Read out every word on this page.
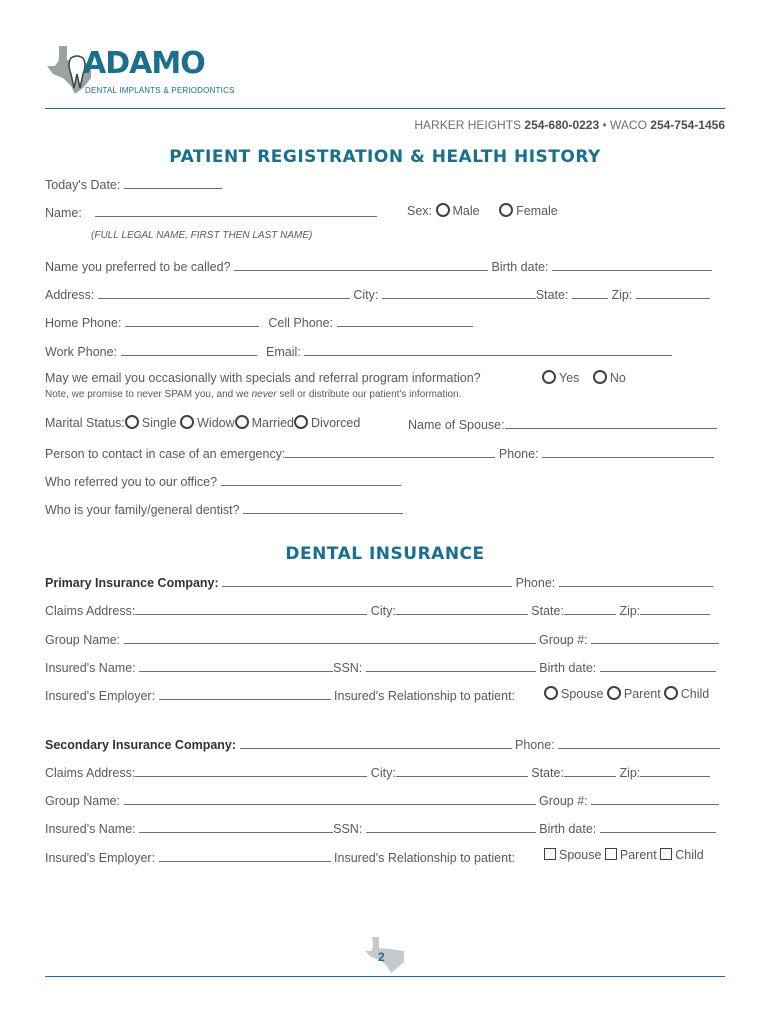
ADAMO
DENTAL IMPLANTS & PERIODONTICS
HARKER HEIGHTS 254-680-0223 • WACO 254-754-1456
PATIENT REGISTRATION & HEALTH HISTORY
Today's Date:
Name:	Sex: Male	Female
(FULL LEGAL NAME, FIRST THEN LAST NAME)
Name you preferred to be called?	Birth date:
Address:	City:	State:	Zip:
Home Phone:	Cell Phone:
Work Phone:	Email:
May we email you occasionally with specials and referral program information?	Yes No
Note, we promise to never SPAM you, and we never sell or distribute our patient's information.
Marital Status: Single Widow Married Divorced	Name of Spouse:
Person to contact in case of an emergency:	Phone:
Who referred you to our office?
Who is your family/general dentist?
DENTAL INSURANCE
Primary Insurance Company:	Phone:
Claims Address:	City:	State:	Zip:
Group Name:	Group #:
Insured's Name:	SSN:	Birth date:
Insured's Employer:	Insured's Relationship to patient:	Spouse Parent Child
Secondary Insurance Company:	Phone:
Claims Address:	City:	State:	Zip:
Group Name:	Group #:
Insured's Name:	SSN:	Birth date:
Insured's Employer:	Insured's Relationship to patient:	Spouse Parent Child
2
